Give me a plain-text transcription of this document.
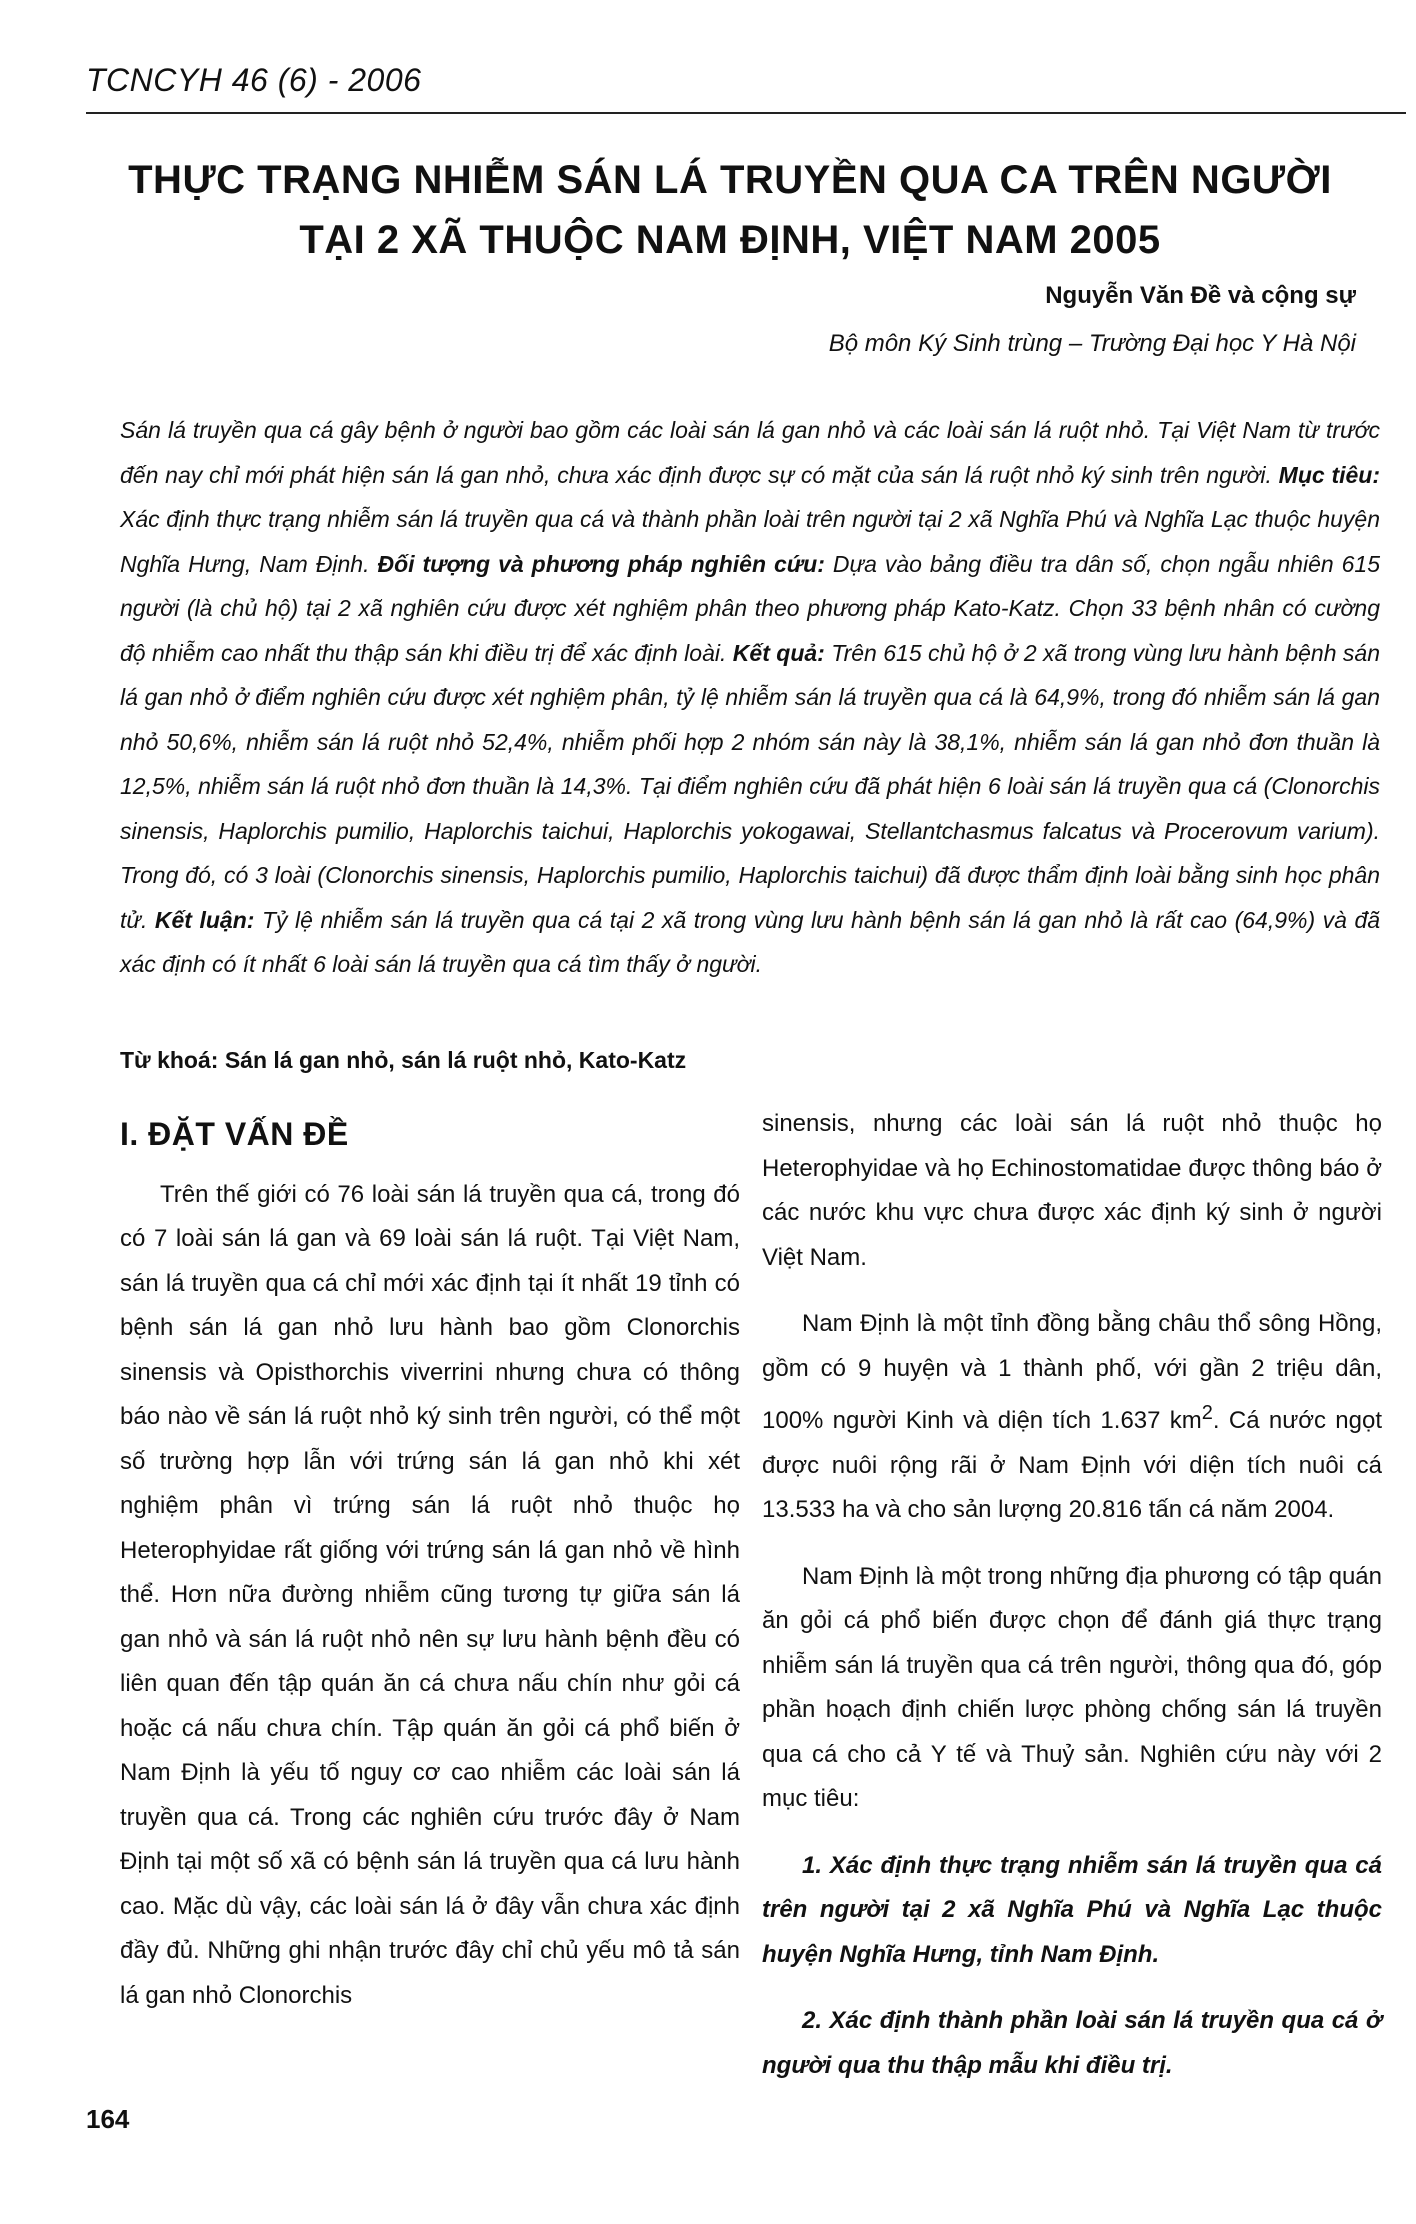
TCNCYH 46 (6) - 2006
THỰC TRẠNG NHIỄM SÁN LÁ TRUYỀN QUA CA TRÊN NGƯỜI
TẠI 2 XÃ THUỘC NAM ĐỊNH, VIỆT NAM 2005
Nguyễn Văn Đề và cộng sự
Bộ môn Ký Sinh trùng – Trường Đại học Y Hà Nội

Sán lá truyền qua cá gây bệnh ở người bao gồm các loài sán lá gan nhỏ và các loài sán lá ruột nhỏ. Tại Việt Nam từ trước đến nay chỉ mới phát hiện sán lá gan nhỏ, chưa xác định được sự có mặt của sán lá ruột nhỏ ký sinh trên người. Mục tiêu: Xác định thực trạng nhiễm sán lá truyền qua cá và thành phần loài trên người tại 2 xã Nghĩa Phú và Nghĩa Lạc thuộc huyện Nghĩa Hưng, Nam Định. Đối tượng và phương pháp nghiên cứu: Dựa vào bảng điều tra dân số, chọn ngẫu nhiên 615 người (là chủ hộ) tại 2 xã nghiên cứu được xét nghiệm phân theo phương pháp Kato-Katz. Chọn 33 bệnh nhân có cường độ nhiễm cao nhất thu thập sán khi điều trị để xác định loài. Kết quả: Trên 615 chủ hộ ở 2 xã trong vùng lưu hành bệnh sán lá gan nhỏ ở điểm nghiên cứu được xét nghiệm phân, tỷ lệ nhiễm sán lá truyền qua cá là 64,9%, trong đó nhiễm sán lá gan nhỏ 50,6%, nhiễm sán lá ruột nhỏ 52,4%, nhiễm phối hợp 2 nhóm sán này là 38,1%, nhiễm sán lá gan nhỏ đơn thuần là 12,5%, nhiễm sán lá ruột nhỏ đơn thuần là 14,3%. Tại điểm nghiên cứu đã phát hiện 6 loài sán lá truyền qua cá (Clonorchis sinensis, Haplorchis pumilio, Haplorchis taichui, Haplorchis yokogawai, Stellantchasmus falcatus và Procerovum varium). Trong đó, có 3 loài (Clonorchis sinensis, Haplorchis pumilio, Haplorchis taichui) đã được thẩm định loài bằng sinh học phân tử. Kết luận: Tỷ lệ nhiễm sán lá truyền qua cá tại 2 xã trong vùng lưu hành bệnh sán lá gan nhỏ là rất cao (64,9%) và đã xác định có ít nhất 6 loài sán lá truyền qua cá tìm thấy ở người.

Từ khoá: Sán lá gan nhỏ, sán lá ruột nhỏ, Kato-Katz
I. ĐẶT VẤN ĐỀ

Trên thế giới có 76 loài sán lá truyền qua cá, trong đó có 7 loài sán lá gan và 69 loài sán lá ruột. Tại Việt Nam, sán lá truyền qua cá chỉ mới xác định tại ít nhất 19 tỉnh có bệnh sán lá gan nhỏ lưu hành bao gồm Clonorchis sinensis và Opisthorchis viverrini nhưng chưa có thông báo nào về sán lá ruột nhỏ ký sinh trên người, có thể một số trường hợp lẫn với trứng sán lá gan nhỏ khi xét nghiệm phân vì trứng sán lá ruột nhỏ thuộc họ Heterophyidae rất giống với trứng sán lá gan nhỏ về hình thể. Hơn nữa đường nhiễm cũng tương tự giữa sán lá gan nhỏ và sán lá ruột nhỏ nên sự lưu hành bệnh đều có liên quan đến tập quán ăn cá chưa nấu chín như gỏi cá hoặc cá nấu chưa chín. Tập quán ăn gỏi cá phổ biến ở Nam Định là yếu tố nguy cơ cao nhiễm các loài sán lá truyền qua cá. Trong các nghiên cứu trước đây ở Nam Định tại một số xã có bệnh sán lá truyền qua cá lưu hành cao. Mặc dù vậy, các loài sán lá ở đây vẫn chưa xác định đầy đủ. Những ghi nhận trước đây chỉ chủ yếu mô tả sán lá gan nhỏ Clonorchis

sinensis, nhưng các loài sán lá ruột nhỏ thuộc họ Heterophyidae và họ Echinostomatidae được thông báo ở các nước khu vực chưa được xác định ký sinh ở người Việt Nam.

Nam Định là một tỉnh đồng bằng châu thổ sông Hồng, gồm có 9 huyện và 1 thành phố, với gần 2 triệu dân, 100% người Kinh và diện tích 1.637 $km^2$. Cá nước ngọt được nuôi rộng rãi ở Nam Định với diện tích nuôi cá 13.533 ha và cho sản lượng 20.816 tấn cá năm 2004.

Nam Định là một trong những địa phương có tập quán ăn gỏi cá phổ biến được chọn để đánh giá thực trạng nhiễm sán lá truyền qua cá trên người, thông qua đó, góp phần hoạch định chiến lược phòng chống sán lá truyền qua cá cho cả Y tế và Thuỷ sản. Nghiên cứu này với 2 mục tiêu:

1. Xác định thực trạng nhiễm sán lá truyền qua cá trên người tại 2 xã Nghĩa Phú và Nghĩa Lạc thuộc huyện Nghĩa Hưng, tỉnh Nam Định.

2. Xác định thành phần loài sán lá truyền qua cá ở người qua thu thập mẫu khi điều trị.

164
